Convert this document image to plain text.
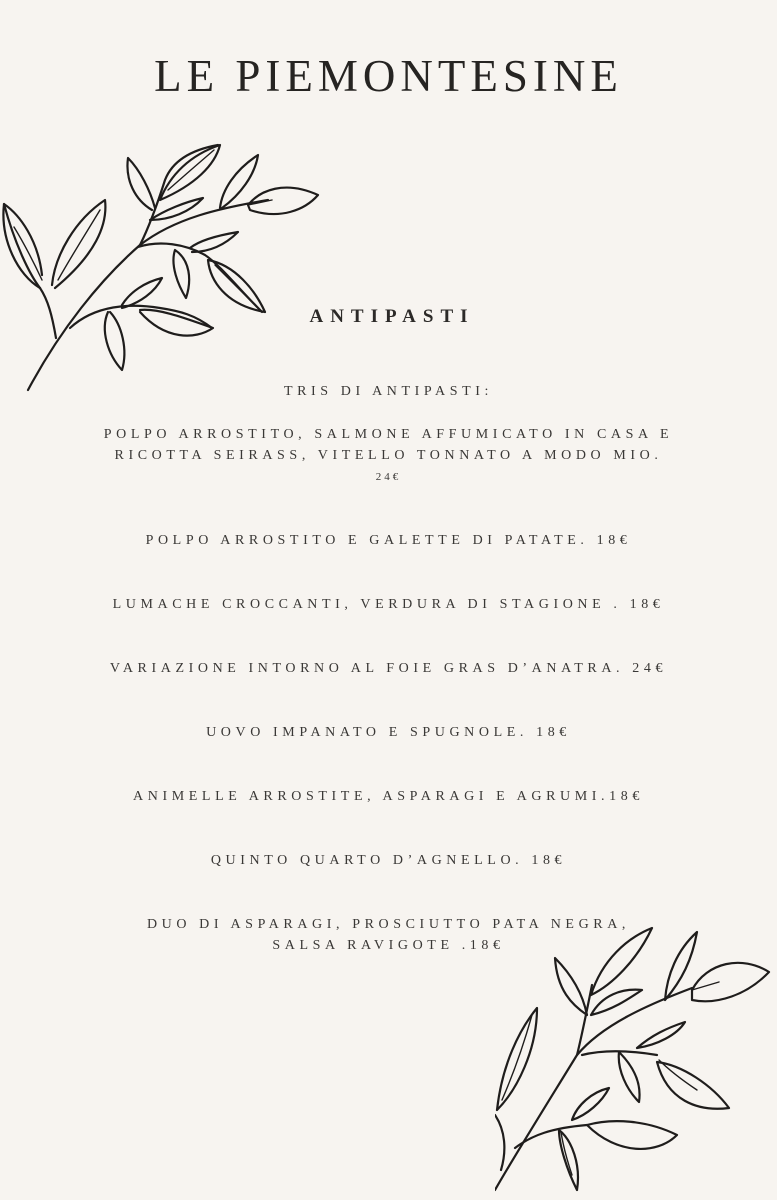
LE PIEMONTESINE
ANTIPASTI

TRIS DI ANTIPASTI:

POLPO ARROSTITO, SALMONE AFFUMICATO IN CASA E

RICOTTA SEIRASS, VITELLO TONNATO A MODO MIO.

24€

POLPO ARROSTITO E GALETTE DI PATATE. 18€

LUMACHE CROCCANTI, VERDURA DI STAGIONE . 18€

VARIAZIONE INTORNO AL FOIE GRAS D’ANATRA. 24€

UOVO IMPANATO E SPUGNOLE. 18€

ANIMELLE ARROSTITE, ASPARAGI E AGRUMI.18€

QUINTO QUARTO D’AGNELLO. 18€

DUO DI ASPARAGI, PROSCIUTTO PATA NEGRA,

SALSA RAVIGOTE .18€
